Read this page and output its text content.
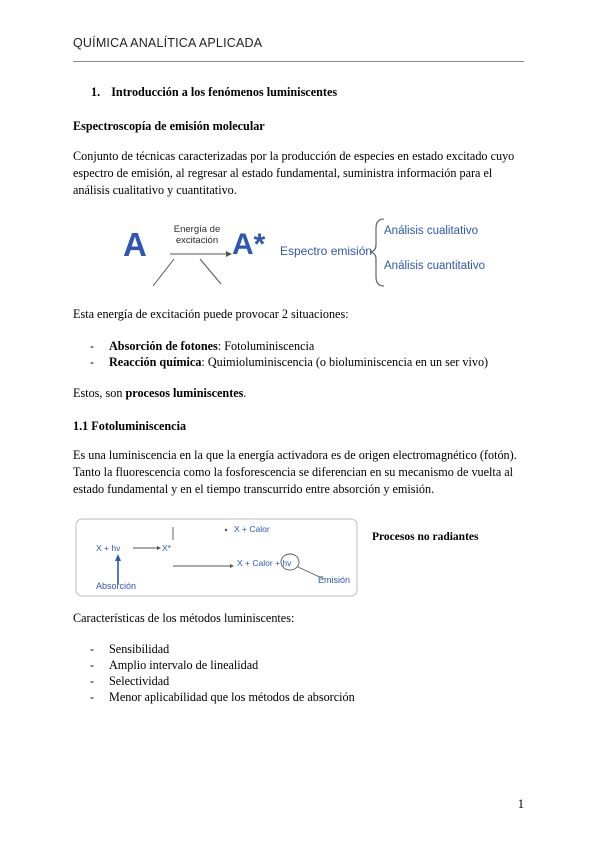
QUÍMICA ANALÍTICA APLICADA
1. Introducción a los fenómenos luminiscentes
Espectroscopía de emisión molecular
Conjunto de técnicas caracterizadas por la producción de especies en estado excitado cuyo espectro de emisión, al regresar al estado fundamental, suministra información para el análisis cualitativo y cuantitativo.
A	Energía de
excitación A* Espectro emisión
Análisis cualitativo
Análisis cuantitativo
Esta energía de excitación puede provocar 2 situaciones:
- Absorción de fotones: Fotoluminiscencia
- Reacción química: Quimioluminiscencia (o bioluminiscencia en un ser vivo)
Estos, son procesos luminiscentes.
1.1 Fotoluminiscencia
Es una luminiscencia en la que la energía activadora es de origen electromagnético (fotón). Tanto la fluorescencia como la fosforescencia se diferencian en su mecanismo de vuelta al estado fundamental y en el tiempo transcurrido entre absorción y emisión.
X + Calor
X + hv	X*
X + Calor + hv
Absorción
Emisión
Procesos no radiantes
Características de los métodos luminiscentes:
- Sensibilidad
- Amplio intervalo de linealidad
- Selectividad
- Menor aplicabilidad que los métodos de absorción
1
